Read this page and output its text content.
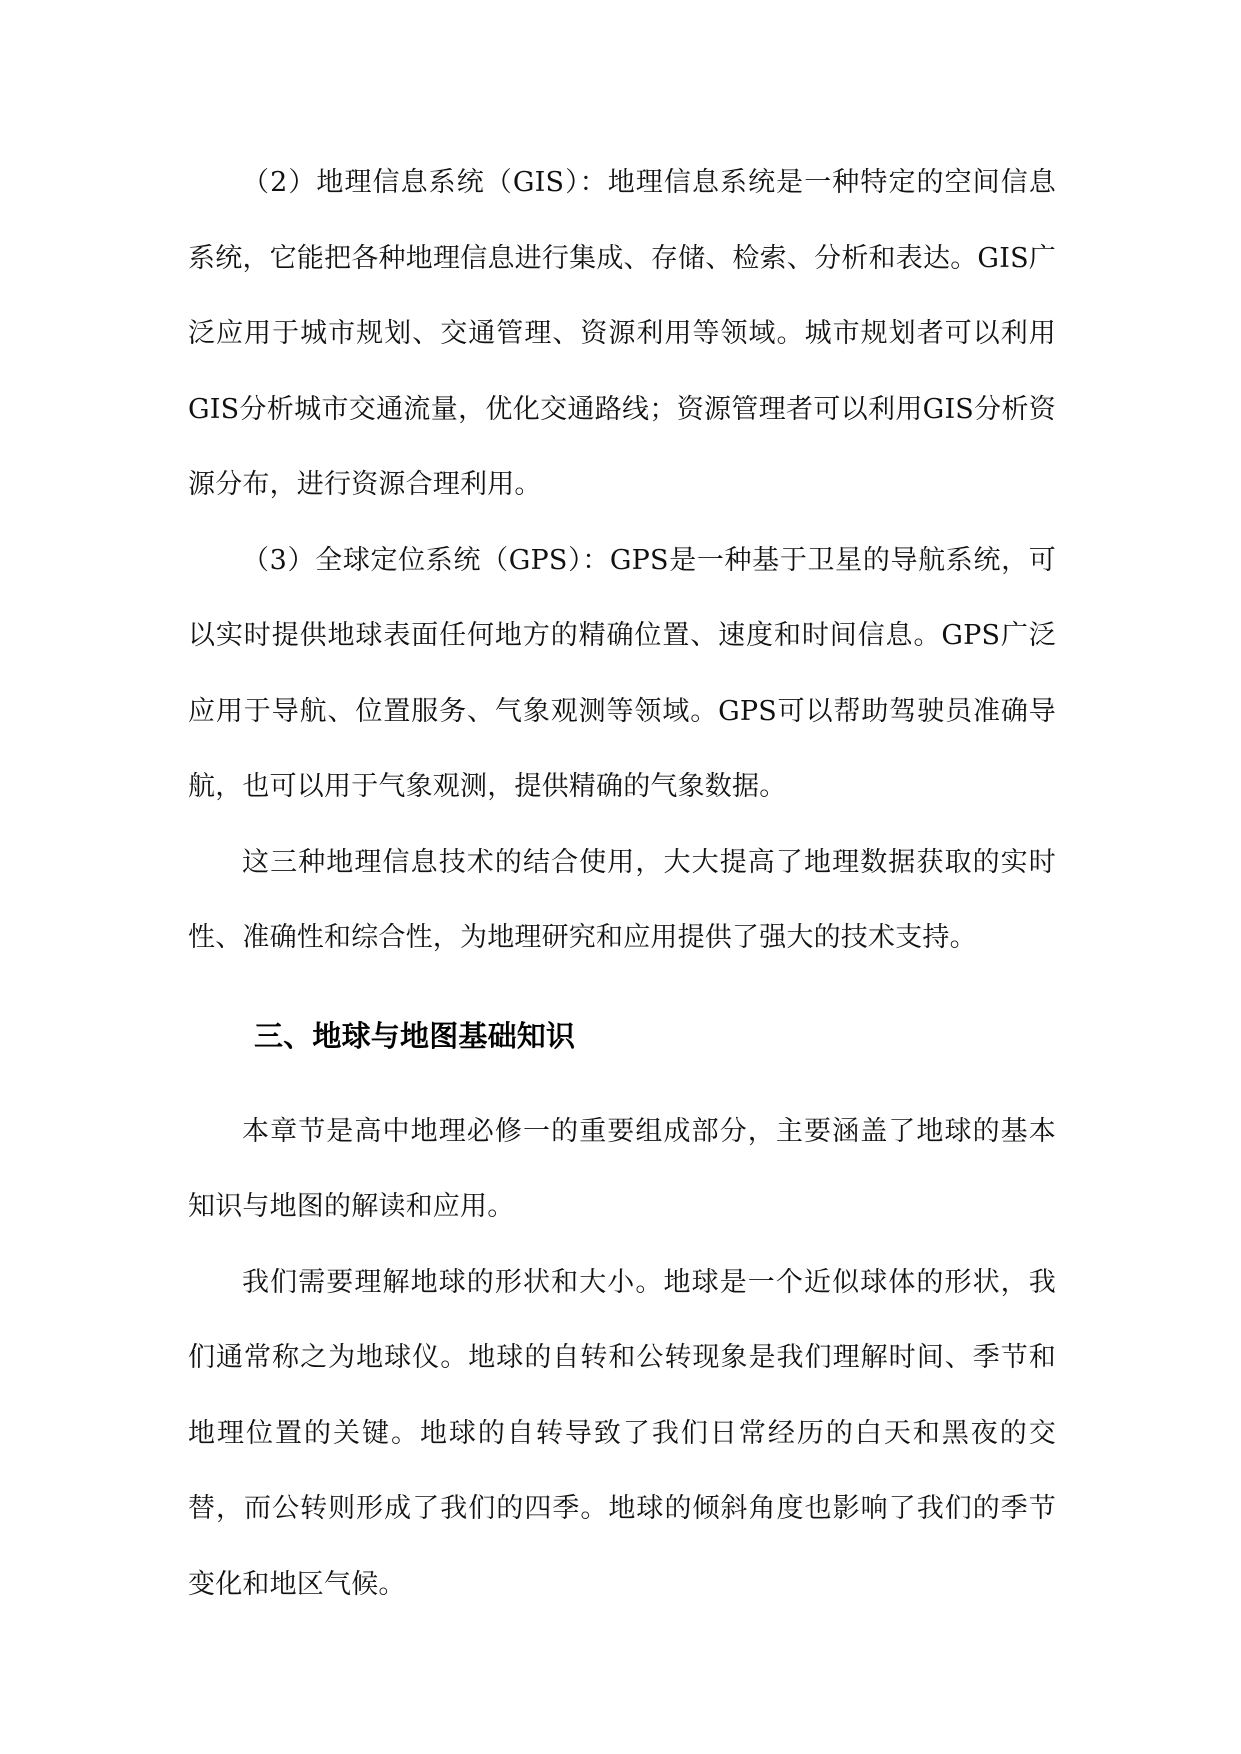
（2）地理信息系统（GIS）：地理信息系统是一种特定的空间信息系统，它能把各种地理信息进行集成、存储、检索、分析和表达。GIS广泛应用于城市规划、交通管理、资源利用等领域。城市规划者可以利用GIS分析城市交通流量，优化交通路线；资源管理者可以利用GIS分析资源分布，进行资源合理利用。

（3）全球定位系统（GPS）：GPS是一种基于卫星的导航系统，可以实时提供地球表面任何地方的精确位置、速度和时间信息。GPS广泛应用于导航、位置服务、气象观测等领域。GPS可以帮助驾驶员准确导航，也可以用于气象观测，提供精确的气象数据。

这三种地理信息技术的结合使用，大大提高了地理数据获取的实时性、准确性和综合性，为地理研究和应用提供了强大的技术支持。

三、地球与地图基础知识

本章节是高中地理必修一的重要组成部分，主要涵盖了地球的基本知识与地图的解读和应用。

我们需要理解地球的形状和大小。地球是一个近似球体的形状，我们通常称之为地球仪。地球的自转和公转现象是我们理解时间、季节和地理位置的关键。地球的自转导致了我们日常经历的白天和黑夜的交替，而公转则形成了我们的四季。地球的倾斜角度也影响了我们的季节变化和地区气候。
